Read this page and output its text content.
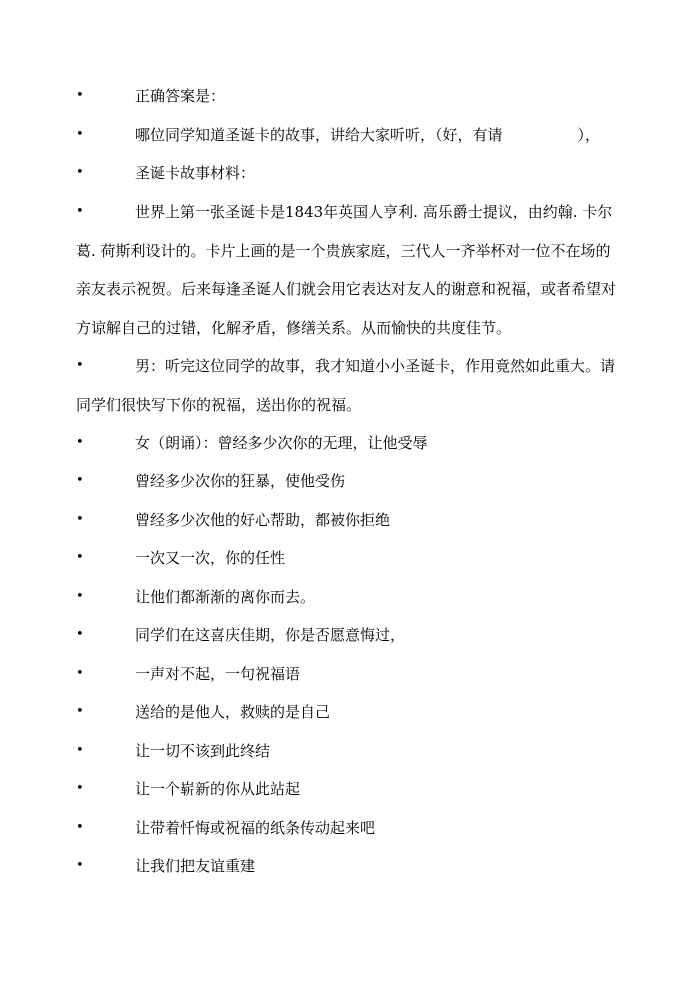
•	正确答案是：
•	哪位同学知道圣诞卡的故事，讲给大家听听，（好，有请　　　　　），
•	圣诞卡故事材料：
•	世界上第一张圣诞卡是1843年英国人亨利. 高乐爵士提议，由约翰. 卡尔葛. 荷斯利设计的。卡片上画的是一个贵族家庭，三代人一齐举杯对一位不在场的亲友表示祝贺。后来每逢圣诞人们就会用它表达对友人的谢意和祝福，或者希望对方谅解自己的过错，化解矛盾，修缮关系。从而愉快的共度佳节。
•	男：听完这位同学的故事，我才知道小小圣诞卡，作用竟然如此重大。请同学们很快写下你的祝福，送出你的祝福。
•	女（朗诵）：曾经多少次你的无理，让他受辱
•	曾经多少次你的狂暴，使他受伤
•	曾经多少次他的好心帮助，都被你拒绝
•	一次又一次，你的任性
•	让他们都渐渐的离你而去。
•	同学们在这喜庆佳期，你是否愿意悔过，
•	一声对不起，一句祝福语
•	送给的是他人，救赎的是自己
•	让一切不该到此终结
•	让一个崭新的你从此站起
•	让带着忏悔或祝福的纸条传动起来吧
•	让我们把友谊重建
